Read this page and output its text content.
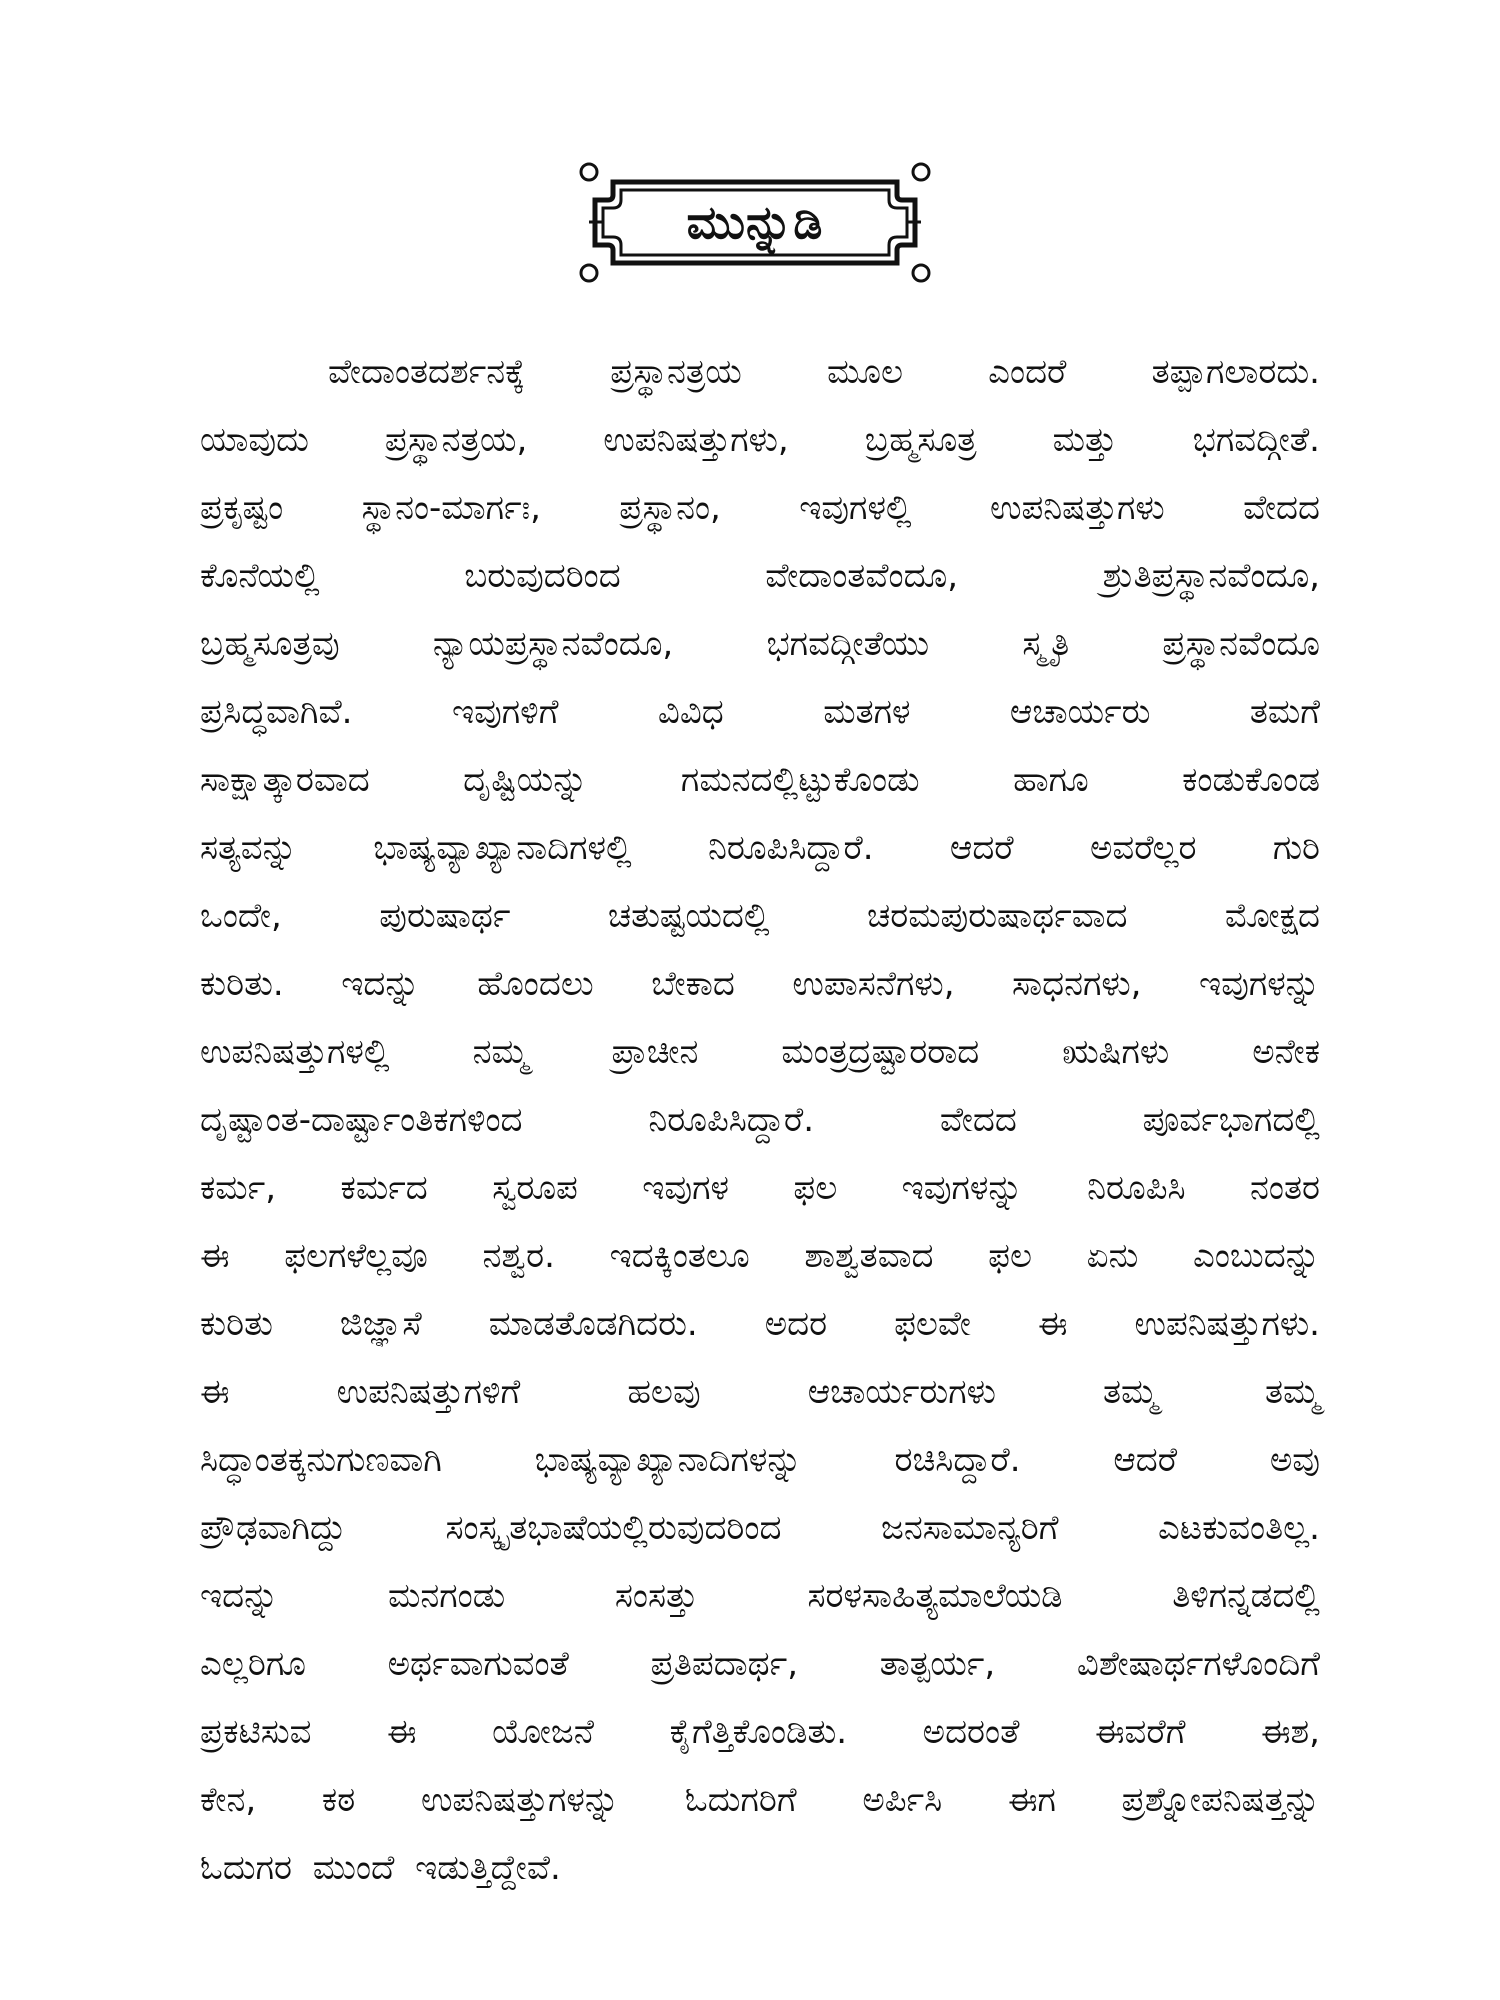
ಮುನ್ನುಡಿ
ವೇದಾಂತದರ್ಶನಕ್ಕೆ ಪ್ರಸ್ಥಾನತ್ರಯ ಮೂಲ ಎಂದರೆ ತಪ್ಪಾಗಲಾರದು.
ಯಾವುದು ಪ್ರಸ್ಥಾನತ್ರಯ, ಉಪನಿಷತ್ತುಗಳು, ಬ್ರಹ್ಮಸೂತ್ರ ಮತ್ತು ಭಗವದ್ಗೀತೆ.
ಪ್ರಕೃಷ್ಟಂ ಸ್ಥಾನಂ-ಮಾರ್ಗಃ, ಪ್ರಸ್ಥಾನಂ, ಇವುಗಳಲ್ಲಿ ಉಪನಿಷತ್ತುಗಳು ವೇದದ
ಕೊನೆಯಲ್ಲಿ ಬರುವುದರಿಂದ ವೇದಾಂತವೆಂದೂ, ಶ್ರುತಿಪ್ರಸ್ಥಾನವೆಂದೂ,
ಬ್ರಹ್ಮಸೂತ್ರವು ನ್ಯಾಯಪ್ರಸ್ಥಾನವೆಂದೂ, ಭಗವದ್ಗೀತೆಯು ಸ್ಮೃತಿ ಪ್ರಸ್ಥಾನವೆಂದೂ
ಪ್ರಸಿದ್ಧವಾಗಿವೆ. ಇವುಗಳಿಗೆ ವಿವಿಧ ಮತಗಳ ಆಚಾರ್ಯರು ತಮಗೆ
ಸಾಕ್ಷಾತ್ಕಾರವಾದ ದೃಷ್ಟಿಯನ್ನು ಗಮನದಲ್ಲಿಟ್ಟುಕೊಂಡು ಹಾಗೂ ಕಂಡುಕೊಂಡ
ಸತ್ಯವನ್ನು ಭಾಷ್ಯವ್ಯಾಖ್ಯಾನಾದಿಗಳಲ್ಲಿ ನಿರೂಪಿಸಿದ್ದಾರೆ. ಆದರೆ ಅವರೆಲ್ಲರ ಗುರಿ
ಒಂದೇ, ಪುರುಷಾರ್ಥ ಚತುಷ್ಟಯದಲ್ಲಿ ಚರಮಪುರುಷಾರ್ಥವಾದ ಮೋಕ್ಷದ
ಕುರಿತು. ಇದನ್ನು ಹೊಂದಲು ಬೇಕಾದ ಉಪಾಸನೆಗಳು, ಸಾಧನಗಳು, ಇವುಗಳನ್ನು
ಉಪನಿಷತ್ತುಗಳಲ್ಲಿ ನಮ್ಮ ಪ್ರಾಚೀನ ಮಂತ್ರದ್ರಷ್ಟಾರರಾದ ಋಷಿಗಳು ಅನೇಕ
ದೃಷ್ಟಾಂತ-ದಾರ್ಷ್ಟಾಂತಿಕಗಳಿಂದ ನಿರೂಪಿಸಿದ್ದಾರೆ. ವೇದದ ಪೂರ್ವಭಾಗದಲ್ಲಿ
ಕರ್ಮ, ಕರ್ಮದ ಸ್ವರೂಪ ಇವುಗಳ ಫಲ ಇವುಗಳನ್ನು ನಿರೂಪಿಸಿ ನಂತರ
ಈ ಫಲಗಳೆಲ್ಲವೂ ನಶ್ವರ. ಇದಕ್ಕಿಂತಲೂ ಶಾಶ್ವತವಾದ ಫಲ ಏನು ಎಂಬುದನ್ನು
ಕುರಿತು ಜಿಜ್ಞಾಸೆ ಮಾಡತೊಡಗಿದರು. ಅದರ ಫಲವೇ ಈ ಉಪನಿಷತ್ತುಗಳು.
ಈ ಉಪನಿಷತ್ತುಗಳಿಗೆ ಹಲವು ಆಚಾರ್ಯರುಗಳು ತಮ್ಮ ತಮ್ಮ
ಸಿದ್ಧಾಂತಕ್ಕನುಗುಣವಾಗಿ ಭಾಷ್ಯವ್ಯಾಖ್ಯಾನಾದಿಗಳನ್ನು ರಚಿಸಿದ್ದಾರೆ. ಆದರೆ ಅವು
ಪ್ರೌಢವಾಗಿದ್ದು ಸಂಸ್ಕೃತಭಾಷೆಯಲ್ಲಿರುವುದರಿಂದ ಜನಸಾಮಾನ್ಯರಿಗೆ ಎಟಕುವಂತಿಲ್ಲ.
ಇದನ್ನು ಮನಗಂಡು ಸಂಸತ್ತು ಸರಳಸಾಹಿತ್ಯಮಾಲೆಯಡಿ ತಿಳಿಗನ್ನಡದಲ್ಲಿ
ಎಲ್ಲರಿಗೂ ಅರ್ಥವಾಗುವಂತೆ ಪ್ರತಿಪದಾರ್ಥ, ತಾತ್ಪರ್ಯ, ವಿಶೇಷಾರ್ಥಗಳೊಂದಿಗೆ
ಪ್ರಕಟಿಸುವ ಈ ಯೋಜನೆ ಕೈಗೆತ್ತಿಕೊಂಡಿತು. ಅದರಂತೆ ಈವರೆಗೆ ಈಶ,
ಕೇನ, ಕಠ ಉಪನಿಷತ್ತುಗಳನ್ನು ಓದುಗರಿಗೆ ಅರ್ಪಿಸಿ ಈಗ ಪ್ರಶ್ನೋಪನಿಷತ್ತನ್ನು
ಓದುಗರ ಮುಂದೆ ಇಡುತ್ತಿದ್ದೇವೆ.
